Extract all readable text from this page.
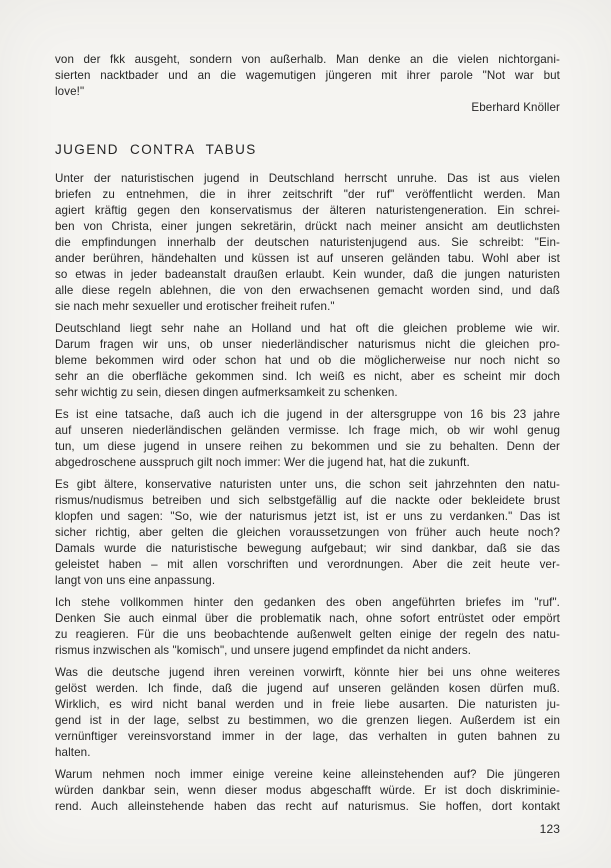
von der fkk ausgeht, sondern von außerhalb. Man denke an die vielen nichtorgani-
sierten nacktbader und an die wagemutigen jüngeren mit ihrer parole "Not war but
love!"
Eberhard Knöller
JUGEND CONTRA TABUS
Unter der naturistischen jugend in Deutschland herrscht unruhe. Das ist aus vielen
briefen zu entnehmen, die in ihrer zeitschrift "der ruf" veröffentlicht werden. Man
agiert kräftig gegen den konservatismus der älteren naturistengeneration. Ein schrei-
ben von Christa, einer jungen sekretärin, drückt nach meiner ansicht am deutlichsten
die empfindungen innerhalb der deutschen naturistenjugend aus. Sie schreibt: "Ein-
ander berühren, händehalten und küssen ist auf unseren geländen tabu. Wohl aber ist
so etwas in jeder badeanstalt draußen erlaubt. Kein wunder, daß die jungen naturisten
alle diese regeln ablehnen, die von den erwachsenen gemacht worden sind, und daß
sie nach mehr sexueller und erotischer freiheit rufen."
Deutschland liegt sehr nahe an Holland und hat oft die gleichen probleme wie wir.
Darum fragen wir uns, ob unser niederländischer naturismus nicht die gleichen pro-
bleme bekommen wird oder schon hat und ob die möglicherweise nur noch nicht so
sehr an die oberfläche gekommen sind. Ich weiß es nicht, aber es scheint mir doch
sehr wichtig zu sein, diesen dingen aufmerksamkeit zu schenken.
Es ist eine tatsache, daß auch ich die jugend in der altersgruppe von 16 bis 23 jahre
auf unseren niederländischen geländen vermisse. Ich frage mich, ob wir wohl genug
tun, um diese jugend in unsere reihen zu bekommen und sie zu behalten. Denn der
abgedroschene ausspruch gilt noch immer: Wer die jugend hat, hat die zukunft.
Es gibt ältere, konservative naturisten unter uns, die schon seit jahrzehnten den natu-
rismus/nudismus betreiben und sich selbstgefällig auf die nackte oder bekleidete brust
klopfen und sagen: "So, wie der naturismus jetzt ist, ist er uns zu verdanken." Das ist
sicher richtig, aber gelten die gleichen voraussetzungen von früher auch heute noch?
Damals wurde die naturistische bewegung aufgebaut; wir sind dankbar, daß sie das
geleistet haben – mit allen vorschriften und verordnungen. Aber die zeit heute ver-
langt von uns eine anpassung.
Ich stehe vollkommen hinter den gedanken des oben angeführten briefes im "ruf".
Denken Sie auch einmal über die problematik nach, ohne sofort entrüstet oder empört
zu reagieren. Für die uns beobachtende außenwelt gelten einige der regeln des natu-
rismus inzwischen als "komisch", und unsere jugend empfindet da nicht anders.
Was die deutsche jugend ihren vereinen vorwirft, könnte hier bei uns ohne weiteres
gelöst werden. Ich finde, daß die jugend auf unseren geländen kosen dürfen muß.
Wirklich, es wird nicht banal werden und in freie liebe ausarten. Die naturisten ju-
gend ist in der lage, selbst zu bestimmen, wo die grenzen liegen. Außerdem ist ein
vernünftiger vereinsvorstand immer in der lage, das verhalten in guten bahnen zu
halten.
Warum nehmen noch immer einige vereine keine alleinstehenden auf? Die jüngeren
würden dankbar sein, wenn dieser modus abgeschafft würde. Er ist doch diskriminie-
rend. Auch alleinstehende haben das recht auf naturismus. Sie hoffen, dort kontakt
123
